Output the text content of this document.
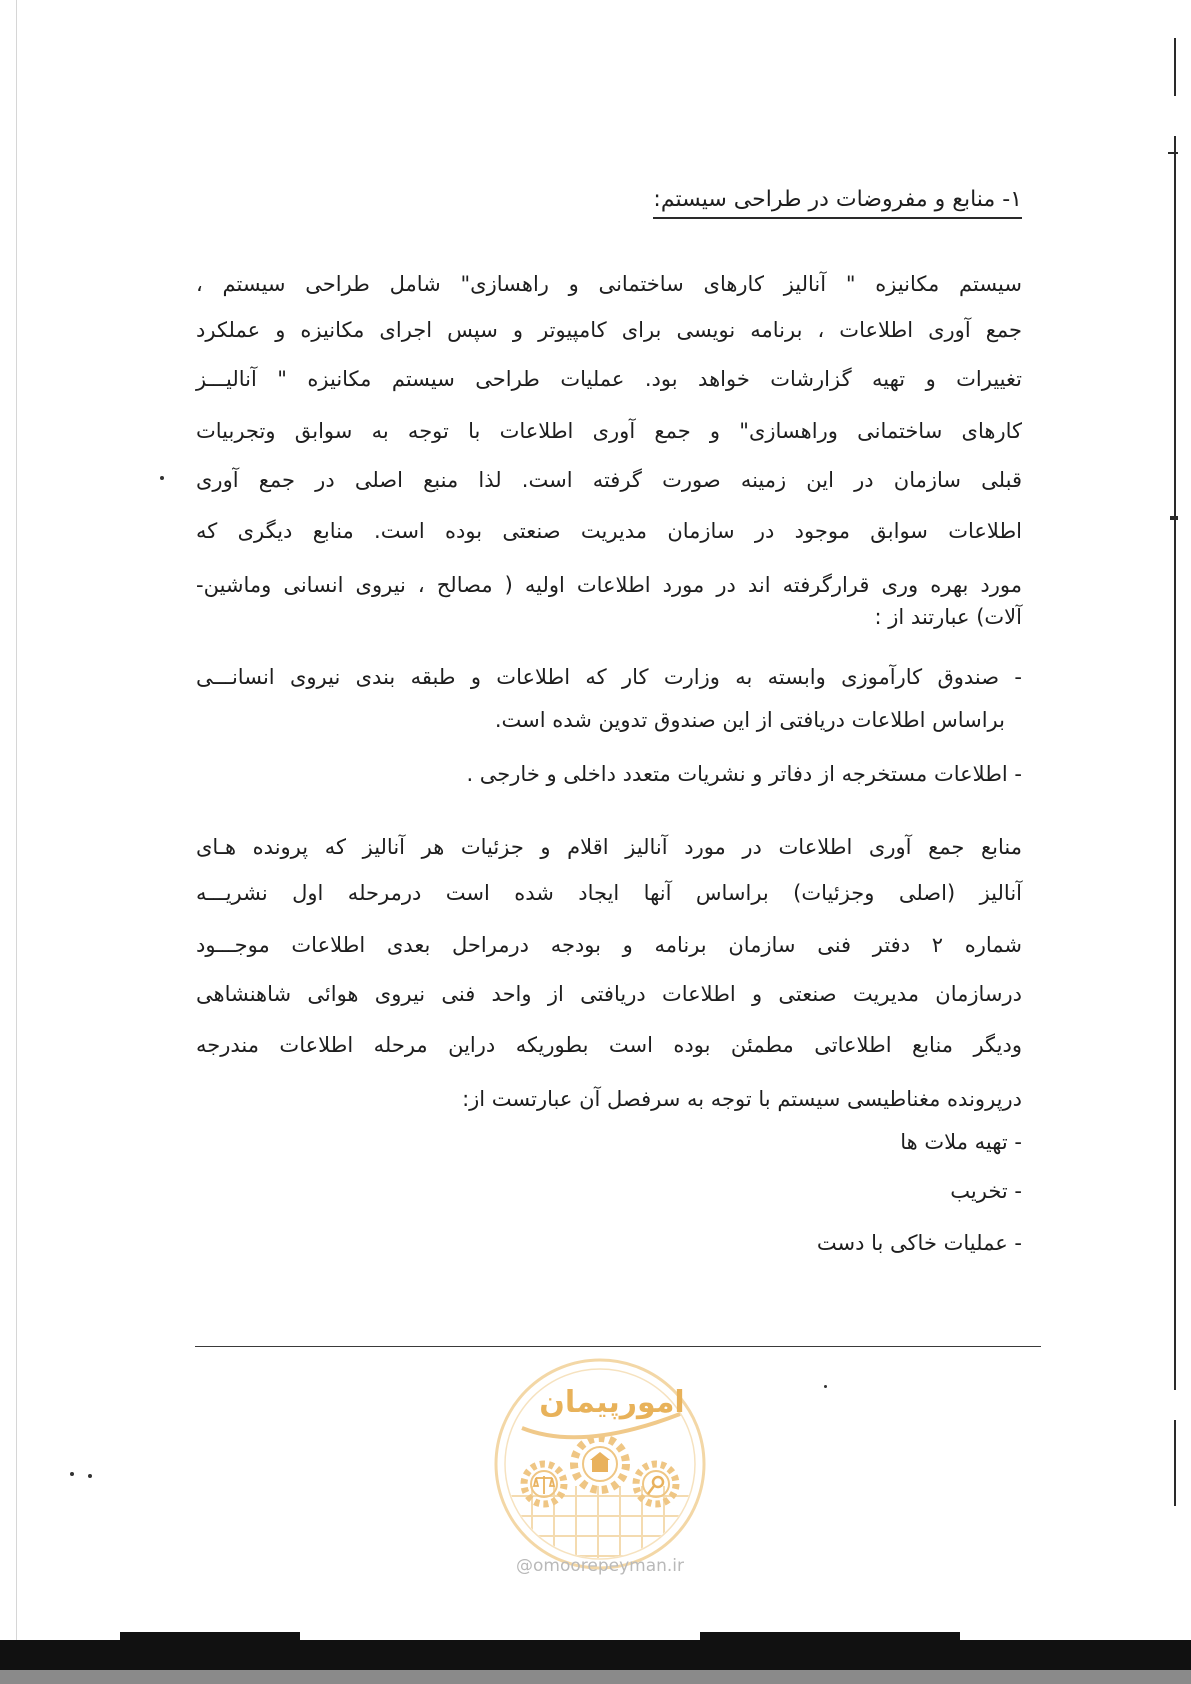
۱- منابع و مفروضات در طراحی سیستم:
سیستم مکانیزه " آنالیز کارهای ساختمانی و راهسازی" شامل طراحی سیستم ،
جمع آوری اطلاعات ، برنامه نویسی برای کامپیوتر و سپس اجرای مکانیزه و عملکرد
تغییرات و تهیه گزارشات خواهد بود. عملیات طراحی سیستم مکانیزه " آنالیـــز
کارهای ساختمانی وراهسازی" و جمع آوری اطلاعات با توجه به سوابق وتجربیات
قبلی سازمان در این زمینه صورت گرفته است. لذا منبع اصلی در جمع آوری
اطلاعات سوابق موجود در سازمان مدیریت صنعتی بوده است. منابع دیگری که
مورد بهره وری قرارگرفته اند در مورد اطلاعات اولیه ( مصالح ، نیروی انسانی وماشین-
آلات) عبارتند از :
- صندوق کارآموزی وابسته به وزارت کار که اطلاعات و طبقه بندی نیروی انسانـــی
براساس اطلاعات دریافتی از این صندوق تدوین شده است.
- اطلاعات مستخرجه از دفاتر و نشریات متعدد داخلی و خارجی .
منابع جمع آوری اطلاعات در مورد آنالیز اقلام و جزئیات هر آنالیز که پرونده هـای
آنالیز (اصلی وجزئیات) براساس آنها ایجاد شده است درمرحله اول نشریـــه
شماره ۲ دفتر فنی سازمان برنامه و بودجه درمراحل بعدی اطلاعات موجـــود
درسازمان مدیریت صنعتی و اطلاعات دریافتی از واحد فنی نیروی هوائی شاهنشاهی
ودیگر منابع اطلاعاتی مطمئن بوده است بطوریکه دراین مرحله اطلاعات مندرجه
درپرونده مغناطیسی سیستم با توجه به سرفصل آن عبارتست از:
- تهیه ملات ها
- تخریب
- عملیات خاکی با دست
امورپیمان
@omoorepeyman.ir
